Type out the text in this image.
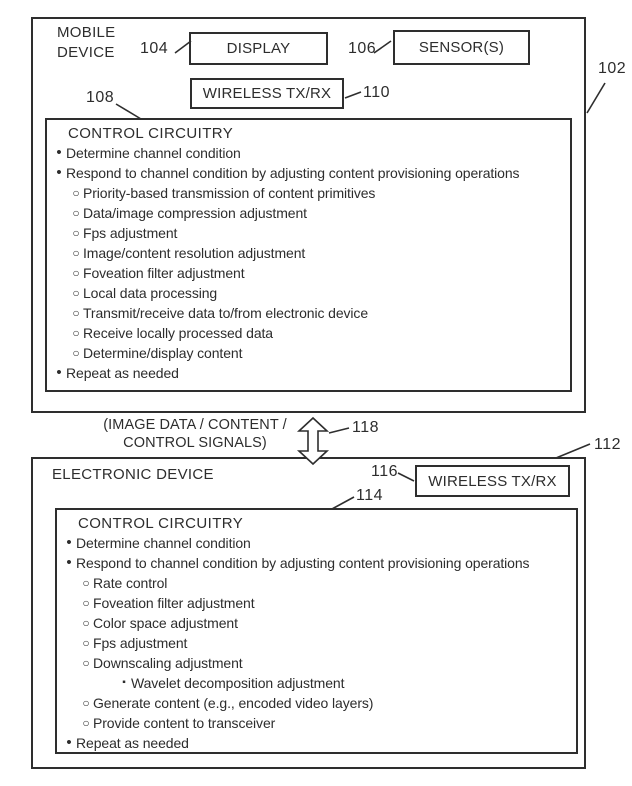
MOBILE
DEVICE	DISPLAY	SENSOR(S)
WIRELESS TX/RX
CONTROL CIRCUITRY
• Determine channel condition
• Respond to channel condition by adjusting content provisioning operations
○ Priority-based transmission of content primitives
○ Data/image compression adjustment
○ Fps adjustment
○ Image/content resolution adjustment
○ Foveation filter adjustment
○ Local data processing
○ Transmit/receive data to/from electronic device
○ Receive locally processed data
○ Determine/display content
• Repeat as needed
104	106
110
108
102
(IMAGE DATA / CONTENT /
CONTROL SIGNALS)
118
ELECTRONIC DEVICE	WIRELESS TX/RX
CONTROL CIRCUITRY
• Determine channel condition
• Respond to channel condition by adjusting content provisioning operations
○ Rate control
○ Foveation filter adjustment
○ Color space adjustment
○ Fps adjustment
○ Downscaling adjustment
▪ Wavelet decomposition adjustment
○ Generate content (e.g., encoded video layers)
○ Provide content to transceiver
• Repeat as needed
112
116
114
